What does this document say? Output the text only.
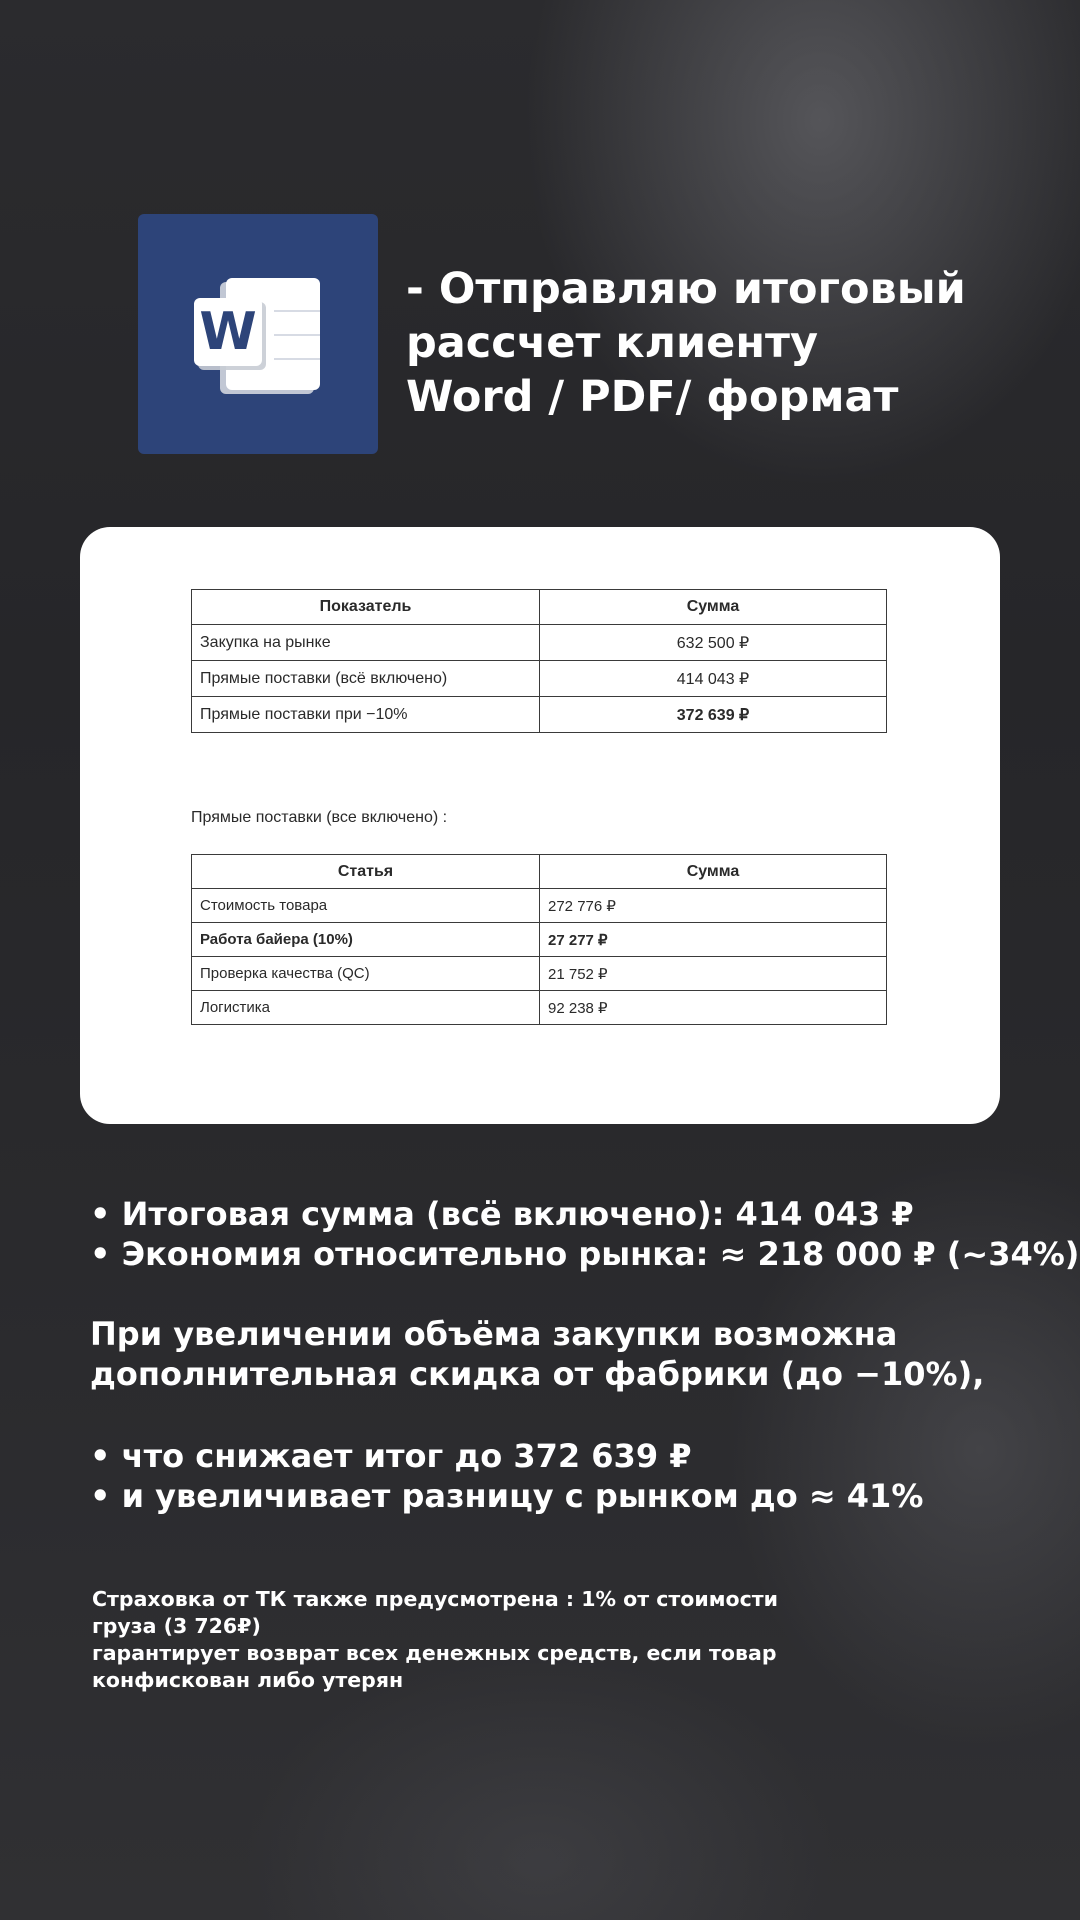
W
- Отправляю итоговый
рассчет клиенту
Word / PDF/ формат
Показатель	Сумма
Закупка на рынке	632 500 ₽
Прямые поставки (всё включено)	414 043 ₽
Прямые поставки при −10%	372 639 ₽
Прямые поставки (все включено) :
Статья	Сумма
Стоимость товара	272 776 ₽
Работа байера (10%)	27 277 ₽
Проверка качества (QC)	21 752 ₽
Логистика	92 238 ₽
• Итоговая сумма (всё включено): 414 043 ₽
• Экономия относительно рынка: ≈ 218 000 ₽ (~34%)
При увеличении объёма закупки возможна
дополнительная скидка от фабрики (до −10%),
• что снижает итог до 372 639 ₽
• и увеличивает разницу с рынком до ≈ 41%
Страховка от ТК также предусмотрена : 1% от стоимости
груза (3 726₽)
гарантирует возврат всех денежных средств, если товар
конфискован либо утерян
